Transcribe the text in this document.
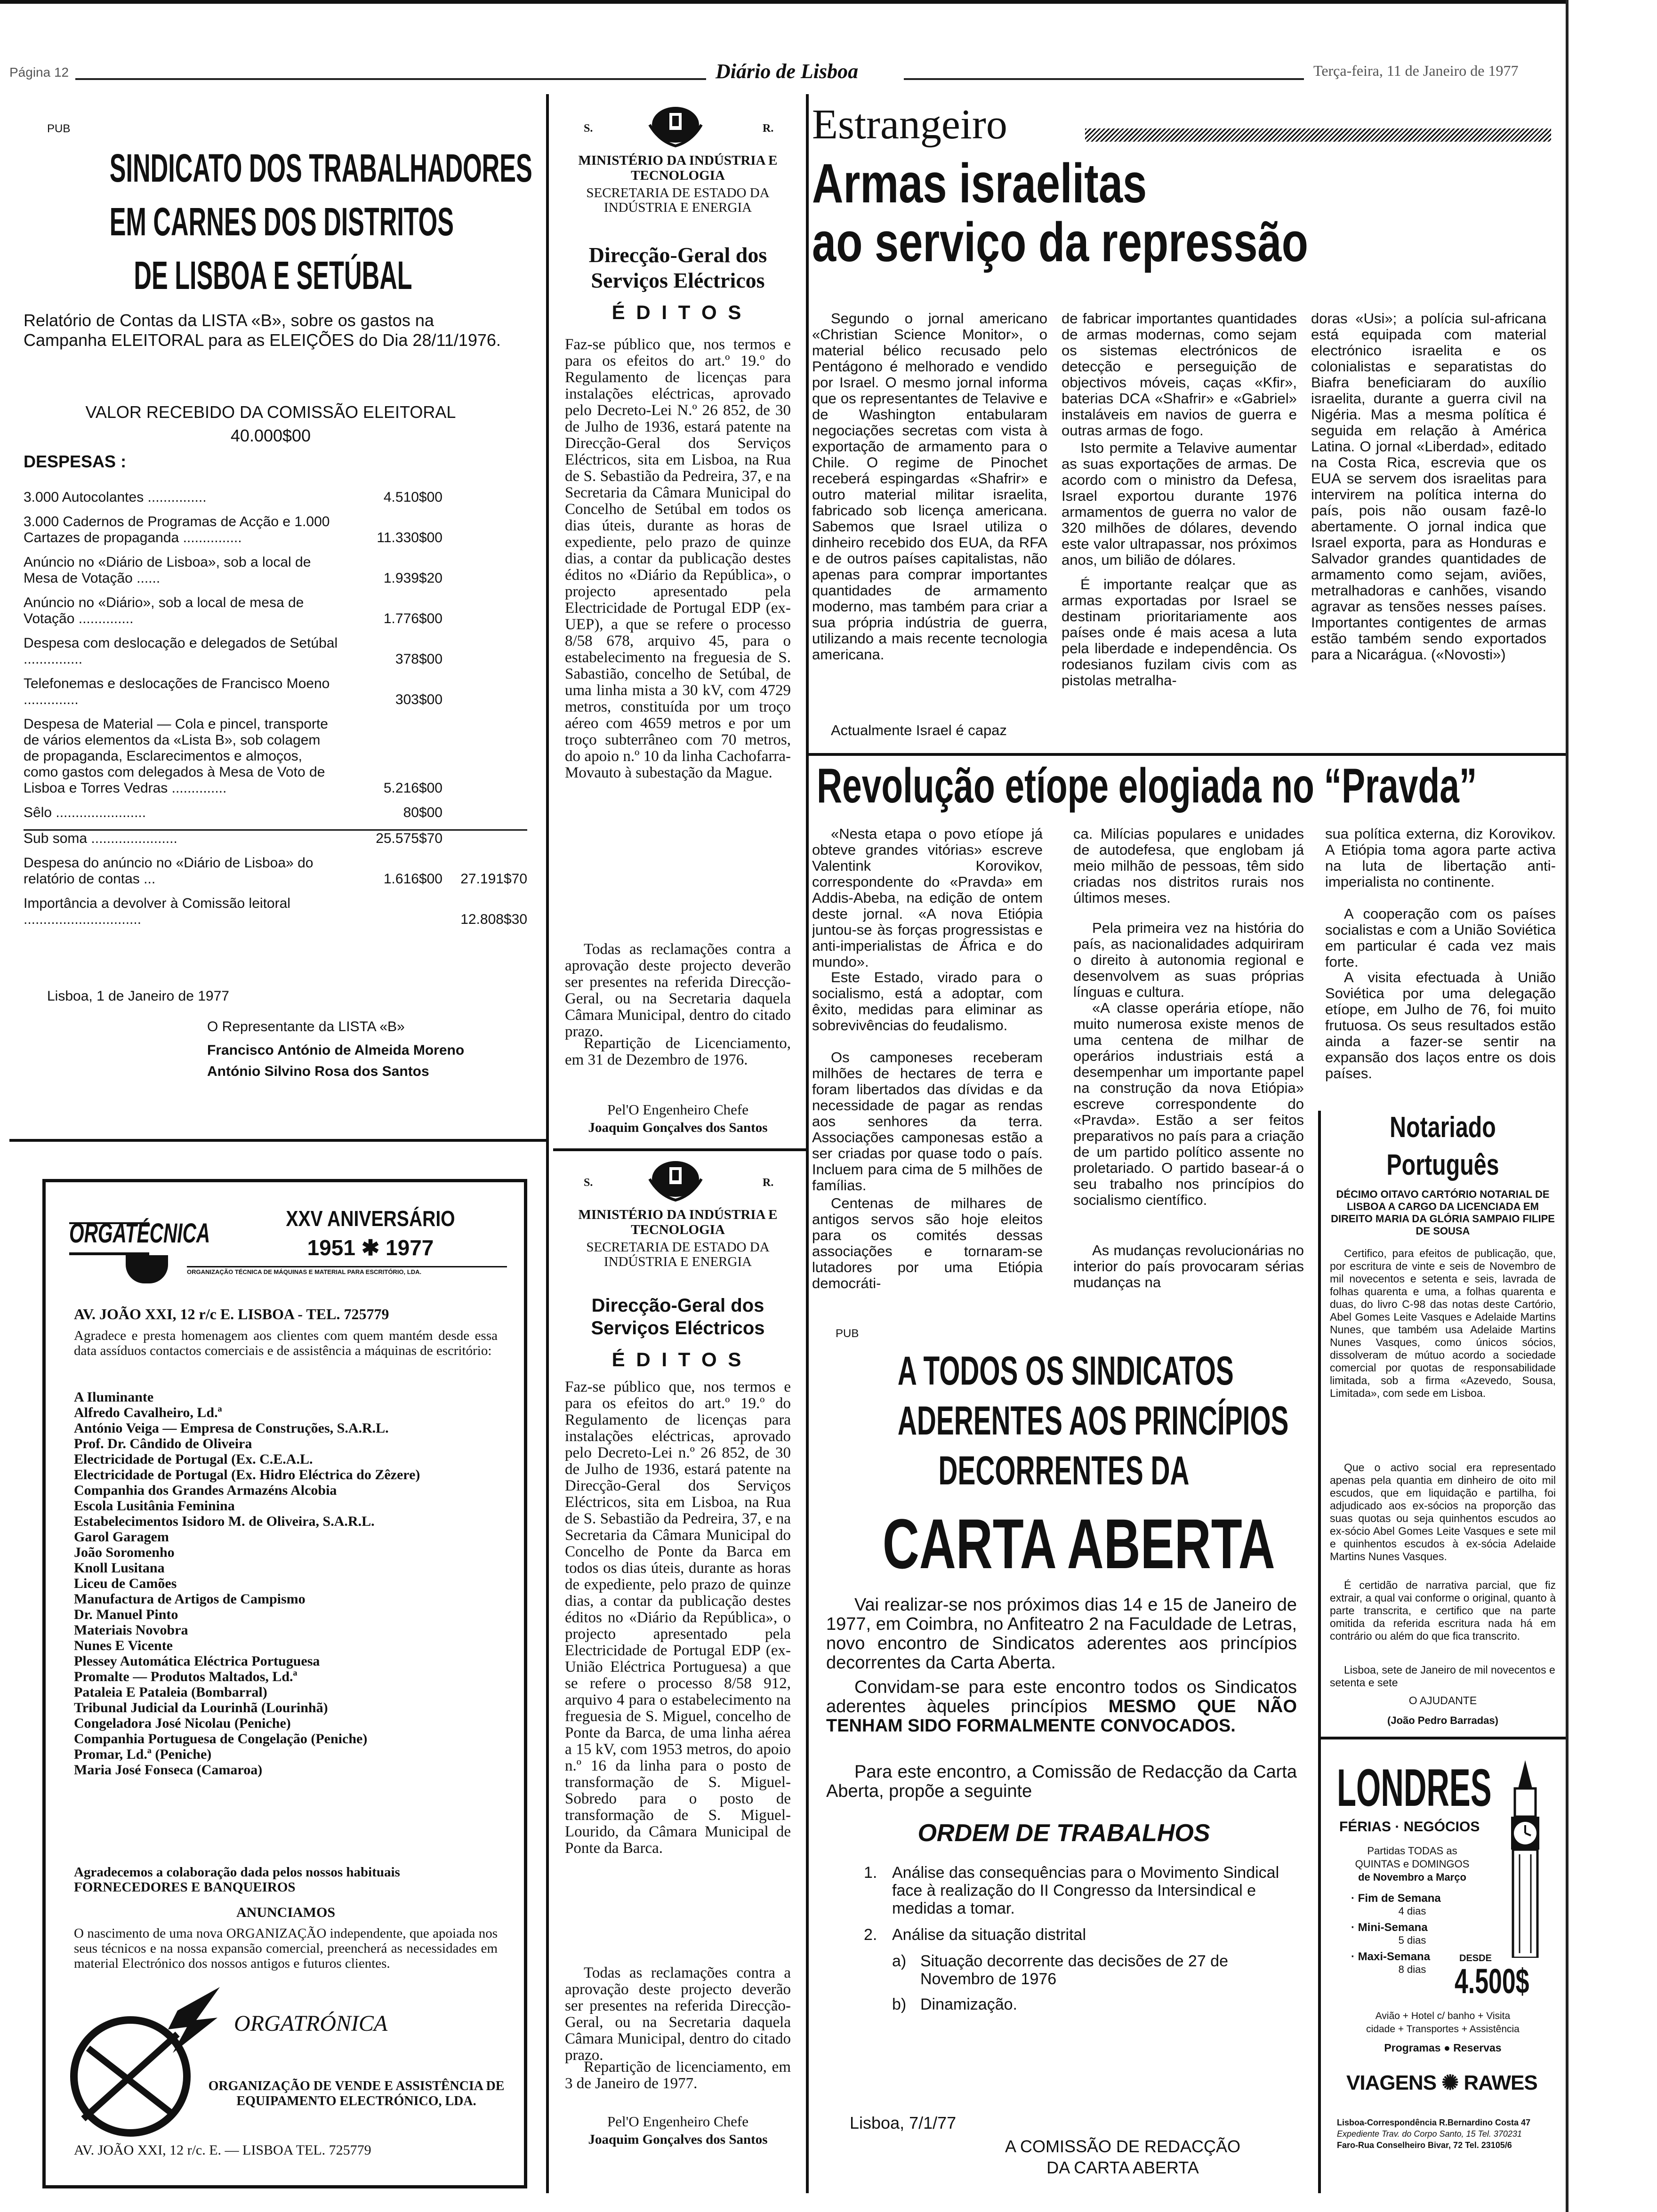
Página 12	Diário de Lisboa	Terça-feira, 11 de Janeiro de 1977
PUB
SINDICATO DOS TRABALHADORES
EM CARNES DOS DISTRITOS
DE LISBOA E SETÚBAL

Relatório de Contas da LISTA «B», sobre os gastos na Campanha ELEITORAL para as ELEIÇÕES do Dia 28/11/1976.

VALOR RECEBIDO DA COMISSÃO ELEITORAL

40.000$00

DESPESAS :

3.000 Autocolantes ...............	4.510$00
3.000 Cadernos de Programas de Acção e 1.000 Cartazes de propaganda ...............	11.330$00
Anúncio no «Diário de Lisboa», sob a local de Mesa de Votação ......	1.939$20
Anúncio no «Diário», sob a local de mesa de Votação ..............	1.776$00
Despesa com deslocação e delegados de Setúbal ...............	378$00
Telefonemas e deslocações de Francisco Moeno ..............	303$00
Despesa de Material — Cola e pincel, transporte de vários elementos da «Lista B», sob colagem de propaganda, Esclarecimentos e almoços, como gastos com delegados à Mesa de Voto de Lisboa e Torres Vedras ..............	5.216$00
Sêlo .......................	80$00
Sub soma ......................	25.575$70
Despesa do anúncio no «Diário de Lisboa» do relatório de contas ...	1.616$00	27.191$70
Importância a devolver à Comissão leitoral ..............................	12.808$30

Lisboa, 1 de Janeiro de 1977

O Representante da LISTA «B»

Francisco António de Almeida Moreno

António Silvino Rosa dos Santos

ORGATÉCNICA	XXV ANIVERSÁRIO
1951 ✱ 1977
ORGANIZAÇÃO TÉCNICA DE MÁQUINAS E MATERIAL PARA ESCRITÓRIO, LDA.
AV. JOÃO XXI, 12 r/c E. LISBOA - TEL. 725779

Agradece e presta homenagem aos clientes com quem mantém desde essa data assíduos contactos comerciais e de assistência a máquinas de escritório:

A Iluminante
Alfredo Cavalheiro, Ld.ª
António Veiga — Empresa de Construções, S.A.R.L.
Prof. Dr. Cândido de Oliveira
Electricidade de Portugal (Ex. C.E.A.L.
Electricidade de Portugal (Ex. Hidro Eléctrica do Zêzere)
Companhia dos Grandes Armazéns Alcobia
Escola Lusitânia Feminina
Estabelecimentos Isidoro M. de Oliveira, S.A.R.L.
Garol Garagem
João Soromenho
Knoll Lusitana
Liceu de Camões
Manufactura de Artigos de Campismo
Dr. Manuel Pinto
Materiais Novobra
Nunes E Vicente
Plessey Automática Eléctrica Portuguesa
Promalte — Produtos Maltados, Ld.ª
Pataleia E Pataleia (Bombarral)
Tribunal Judicial da Lourinhã (Lourinhã)
Congeladora José Nicolau (Peniche)
Companhia Portuguesa de Congelação (Peniche)
Promar, Ld.ª (Peniche)
Maria José Fonseca (Camaroa)

Agradecemos a colaboração dada pelos nossos habituais FORNECEDORES E BANQUEIROS

ANUNCIAMOS

O nascimento de uma nova ORGANIZAÇÃO independente, que apoiada nos seus técnicos e na nossa expansão comercial, preencherá as necessidades em material Electrónico dos nossos antigos e futuros clientes.

ORGATRÓNICA
ORGANIZAÇÃO DE VENDE E ASSISTÊNCIA DE EQUIPAMENTO ELECTRÓNICO, LDA.
AV. JOÃO XXI, 12 r/c. E. — LISBOA TEL. 725779
S.	R.
MINISTÉRIO DA INDÚSTRIA E TECNOLOGIA
SECRETARIA DE ESTADO DA INDÚSTRIA E ENERGIA
Direcção-Geral dos Serviços Eléctricos
É D I T O S

Faz-se público que, nos termos e para os efeitos do art.º 19.º do Regulamento de licenças para instalações eléctricas, aprovado pelo Decreto-Lei N.º 26 852, de 30 de Julho de 1936, estará patente na Direcção-Geral dos Serviços Eléctricos, sita em Lisboa, na Rua de S. Sebastião da Pedreira, 37, e na Secretaria da Câmara Municipal do Concelho de Setúbal em todos os dias úteis, durante as horas de expediente, pelo prazo de quinze dias, a contar da publicação destes éditos no «Diário da República», o projecto apresentado pela Electricidade de Portugal EDP (ex-UEP), a que se refere o processo 8/58 678, arquivo 45, para o estabelecimento na freguesia de S. Sabastião, concelho de Setúbal, de uma linha mista a 30 kV, com 4729 metros, constituída por um troço aéreo com 4659 metros e por um troço subterrâneo com 70 metros, do apoio n.º 10 da linha Cachofarra-Movauto à subestação da Mague.

Todas as reclamações contra a aprovação deste projecto deverão ser presentes na referida Direcção-Geral, ou na Secretaria daquela Câmara Municipal, dentro do citado prazo.

Repartição de Licenciamento, em 31 de Dezembro de 1976.

Pel'O Engenheiro Chefe

Joaquim Gonçalves dos Santos

S.	R.
MINISTÉRIO DA INDÚSTRIA E TECNOLOGIA
SECRETARIA DE ESTADO DA INDÚSTRIA E ENERGIA
Direcção-Geral dos Serviços Eléctricos
É D I T O S

Faz-se público que, nos termos e para os efeitos do art.º 19.º do Regulamento de licenças para instalações eléctricas, aprovado pelo Decreto-Lei n.º 26 852, de 30 de Julho de 1936, estará patente na Direcção-Geral dos Serviços Eléctricos, sita em Lisboa, na Rua de S. Sebastião da Pedreira, 37, e na Secretaria da Câmara Municipal do Concelho de Ponte da Barca em todos os dias úteis, durante as horas de expediente, pelo prazo de quinze dias, a contar da publicação destes éditos no «Diário da República», o projecto apresentado pela Electricidade de Portugal EDP (ex-União Eléctrica Portuguesa) a que se refere o processo 8/58 912, arquivo 4 para o estabelecimento na freguesia de S. Miguel, concelho de Ponte da Barca, de uma linha aérea a 15 kV, com 1953 metros, do apoio n.º 16 da linha para o posto de transformação de S. Miguel-Sobredo para o posto de transformação de S. Miguel-Lourido, da Câmara Municipal de Ponte da Barca.

Todas as reclamações contra a aprovação deste projecto deverão ser presentes na referida Direcção-Geral, ou na Secretaria daquela Câmara Municipal, dentro do citado prazo.

Repartição de licenciamento, em 3 de Janeiro de 1977.

Pel'O Engenheiro Chefe

Joaquim Gonçalves dos Santos

Estrangeiro
Armas israelitas
ao serviço da repressão

Segundo o jornal americano «Christian Science Monitor», o material bélico recusado pelo Pentágono é melhorado e vendido por Israel. O mesmo jornal informa que os representantes de Telavive e de Washington entabularam negociações secretas com vista à exportação de armamento para o Chile. O regime de Pinochet receberá espingardas «Shafrir» e outro material militar israelita, fabricado sob licença americana. Sabemos que Israel utiliza o dinheiro recebido dos EUA, da RFA e de outros países capitalistas, não apenas para comprar importantes quantidades de armamento moderno, mas também para criar a sua própria indústria de guerra, utilizando a mais recente tecnologia americana.

Actualmente Israel é capaz

de fabricar importantes quantidades de armas modernas, como sejam os sistemas electrónicos de detecção e perseguição de objectivos móveis, caças «Kfir», baterias DCA «Shafrir» e «Gabriel» instaláveis em navios de guerra e outras armas de fogo.

Isto permite a Telavive aumentar as suas exportações de armas. De acordo com o ministro da Defesa, Israel exportou durante 1976 armamentos de guerra no valor de 320 milhões de dólares, devendo este valor ultrapassar, nos próximos anos, um bilião de dólares.

É importante realçar que as armas exportadas por Israel se destinam prioritariamente aos países onde é mais acesa a luta pela liberdade e independência. Os rodesianos fuzilam civis com as pistolas metralha-

doras «Usi»; a polícia sul-africana está equipada com material electrónico israelita e os colonialistas e separatistas do Biafra beneficiaram do auxílio israelita, durante a guerra civil na Nigéria. Mas a mesma política é seguida em relação à América Latina. O jornal «Liberdad», editado na Costa Rica, escrevia que os EUA se servem dos israelitas para intervirem na política interna do país, pois não ousam fazê-lo abertamente. O jornal indica que Israel exporta, para as Honduras e Salvador grandes quantidades de armamento como sejam, aviões, metralhadoras e canhões, visando agravar as tensões nesses países. Importantes contigentes de armas estão também sendo exportados para a Nicarágua. («Novosti»)

Revolução etíope elogiada no “Pravda”

«Nesta etapa o povo etíope já obteve grandes vitórias» escreve Valentink Korovikov, correspondente do «Pravda» em Addis-Abeba, na edição de ontem deste jornal. «A nova Etiópia juntou-se às forças progressistas e anti-imperialistas de África e do mundo».

Este Estado, virado para o socialismo, está a adoptar, com êxito, medidas para eliminar as sobrevivências do feudalismo.

Os camponeses receberam milhões de hectares de terra e foram libertados das dívidas e da necessidade de pagar as rendas aos senhores da terra. Associações camponesas estão a ser criadas por quase todo o país. Incluem para cima de 5 milhões de famílias.

Centenas de milhares de antigos servos são hoje eleitos para os comités dessas associações e tornaram-se lutadores por uma Etiópia democráti-

ca. Milícias populares e unidades de autodefesa, que englobam já meio milhão de pessoas, têm sido criadas nos distritos rurais nos últimos meses.

Pela primeira vez na história do país, as nacionalidades adquiriram o direito à autonomia regional e desenvolvem as suas próprias línguas e cultura.

«A classe operária etíope, não muito numerosa existe menos de uma centena de milhar de operários industriais está a desempenhar um importante papel na construção da nova Etiópia» escreve correspondente do «Pravda». Estão a ser feitos preparativos no país para a criação de um partido político assente no proletariado. O partido basear-á o seu trabalho nos princípios do socialismo científico.

As mudanças revolucionárias no interior do país provocaram sérias mudanças na

sua política externa, diz Korovikov. A Etiópia toma agora parte activa na luta de libertação anti-imperialista no continente.

A cooperação com os países socialistas e com a União Soviética em particular é cada vez mais forte.

A visita efectuada à União Soviética por uma delegação etíope, em Julho de 76, foi muito frutuosa. Os seus resultados estão ainda a fazer-se sentir na expansão dos laços entre os dois países.

PUB
A TODOS OS SINDICATOS
ADERENTES AOS PRINCÍPIOS
DECORRENTES DA
CARTA ABERTA

Vai realizar-se nos próximos dias 14 e 15 de Janeiro de 1977, em Coimbra, no Anfiteatro 2 na Faculdade de Letras, novo encontro de Sindicatos aderentes aos princípios decorrentes da Carta Aberta.

Convidam-se para este encontro todos os Sindicatos aderentes àqueles princípios MESMO QUE NÃO TENHAM SIDO FORMALMENTE CONVOCADOS.

Para este encontro, a Comissão de Redacção da Carta Aberta, propõe a seguinte

ORDEM DE TRABALHOS
1. Análise das consequências para o Movimento Sindical face à realização do II Congresso da Intersindical e medidas a tomar.
2. Análise da situação distrital
a) Situação decorrente das decisões de 27 de Novembro de 1976
b) Dinamização.
Lisboa, 7/1/77
A COMISSÃO DE REDACÇÃO
DA CARTA ABERTA
Notariado
Português

DÉCIMO OITAVO CARTÓRIO NOTARIAL DE LISBOA A CARGO DA LICENCIADA EM DIREITO MARIA DA GLÓRIA SAMPAIO FILIPE DE SOUSA

Certifico, para efeitos de publicação, que, por escritura de vinte e seis de Novembro de mil novecentos e setenta e seis, lavrada de folhas quarenta e uma, a folhas quarenta e duas, do livro C-98 das notas deste Cartório, Abel Gomes Leite Vasques e Adelaide Martins Nunes, que também usa Adelaide Martins Nunes Vasques, como únicos sócios, dissolveram de mútuo acordo a sociedade comercial por quotas de responsabilidade limitada, sob a firma «Azevedo, Sousa, Limitada», com sede em Lisboa.

Que o activo social era representado apenas pela quantia em dinheiro de oito mil escudos, que em liquidação e partilha, foi adjudicado aos ex-sócios na proporção das suas quotas ou seja quinhentos escudos ao ex-sócio Abel Gomes Leite Vasques e sete mil e quinhentos escudos à ex-sócia Adelaide Martins Nunes Vasques.

É certidão de narrativa parcial, que fiz extrair, a qual vai conforme o original, quanto à parte transcrita, e certifico que na parte omitida da referida escritura nada há em contrário ou além do que fica transcrito.

Lisboa, sete de Janeiro de mil novecentos e setenta e sete

O AJUDANTE

(João Pedro Barradas)

LONDRES
FÉRIAS · NEGÓCIOS
Partidas TODAS as
QUINTAS e DOMINGOS
de Novembro a Março
· Fim de Semana
4 dias
· Mini-Semana
5 dias
· Maxi-Semana
8 dias
DESDE
4.500$
Avião + Hotel c/ banho + Visita
cidade + Transportes + Assistência
Programas ● Reservas
VIAGENS ✺ RAWES
Lisboa-Correspondência R.Bernardino Costa 47
Expediente Trav. do Corpo Santo, 15 Tel. 370231
Faro-Rua Conselheiro Bivar, 72 Tel. 23105/6
